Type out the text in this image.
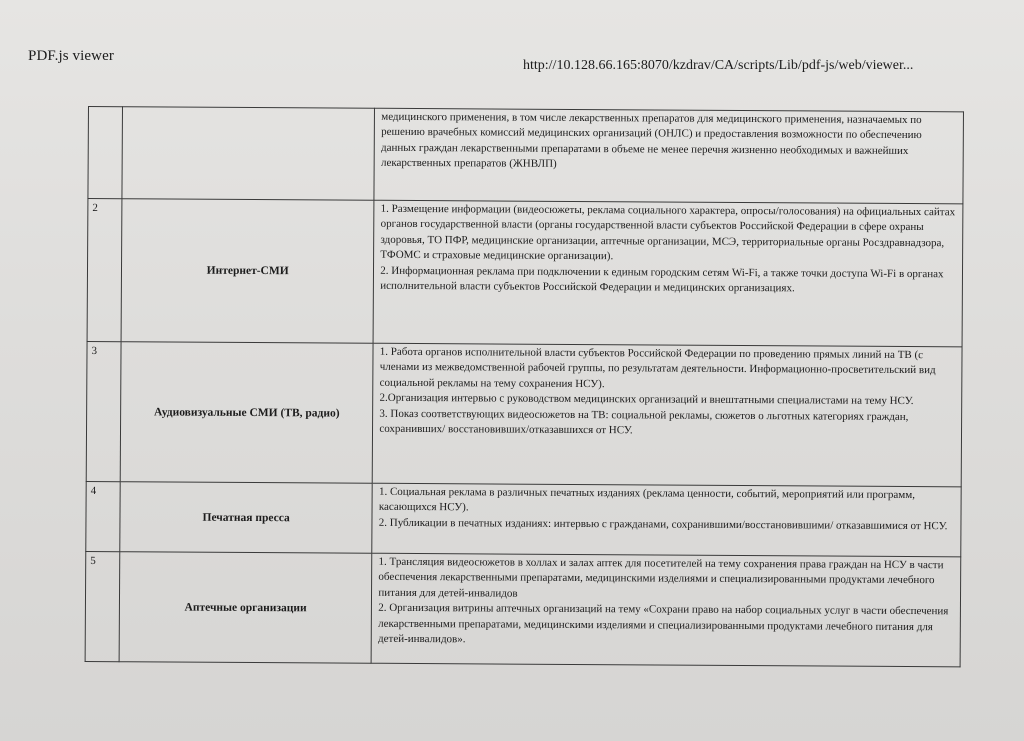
PDF.js viewer
http://10.128.66.165:8070/kzdrav/CA/scripts/Lib/pdf-js/web/viewer...

		медицинского применения, в том числе лекарственных препаратов для медицинского применения, назначаемых по решению врачебных комиссий медицинских организаций (ОНЛС) и предоставления возможности по обеспечению данных граждан лекарственными препаратами в объеме не менее перечня жизненно необходимых и важнейших лекарственных препаратов (ЖНВЛП)

2	Интернет-СМИ	1. Размещение информации (видеосюжеты, реклама социального характера, опросы/голосования) на официальных сайтах органов государственной власти (органы государственной власти субъектов Российской Федерации в сфере охраны здоровья, ТО ПФР, медицинские организации, аптечные организации, МСЭ, территориальные органы Росздравнадзора, ТФОМС и страховые медицинские организации).

2. Информационная реклама при подключении к единым городским сетям Wi-Fi, а также точки доступа Wi-Fi в органах исполнительной власти субъектов Российской Федерации и медицинских организациях.

3	Аудиовизуальные СМИ (ТВ, радио)	1. Работа органов исполнительной власти субъектов Российской Федерации по проведению прямых линий на ТВ (с членами из межведомственной рабочей группы, по результатам деятельности. Информационно-просветительский вид социальной рекламы на тему сохранения НСУ).

2.Организация интервью с руководством медицинских организаций и внештатными специалистами на тему НСУ.

3. Показ соответствующих видеосюжетов на ТВ: социальной рекламы, сюжетов о льготных категориях граждан, сохранивших/ восстановивших/отказавшихся от НСУ.

4	Печатная пресса	1. Социальная реклама в различных печатных изданиях (реклама ценности, событий, мероприятий или программ, касающихся НСУ).

2. Публикации в печатных изданиях: интервью с гражданами, сохранившими/восстановившими/ отказавшимися от НСУ.

5	Аптечные организации	1. Трансляция видеосюжетов в холлах и залах аптек для посетителей на тему сохранения права граждан на НСУ в части обеспечения лекарственными препаратами, медицинскими изделиями и специализированными продуктами лечебного питания для детей-инвалидов

2. Организация витрины аптечных организаций на тему «Сохрани право на набор социальных услуг в части обеспечения лекарственными препаратами, медицинскими изделиями и специализированными продуктами лечебного питания для детей-инвалидов».
